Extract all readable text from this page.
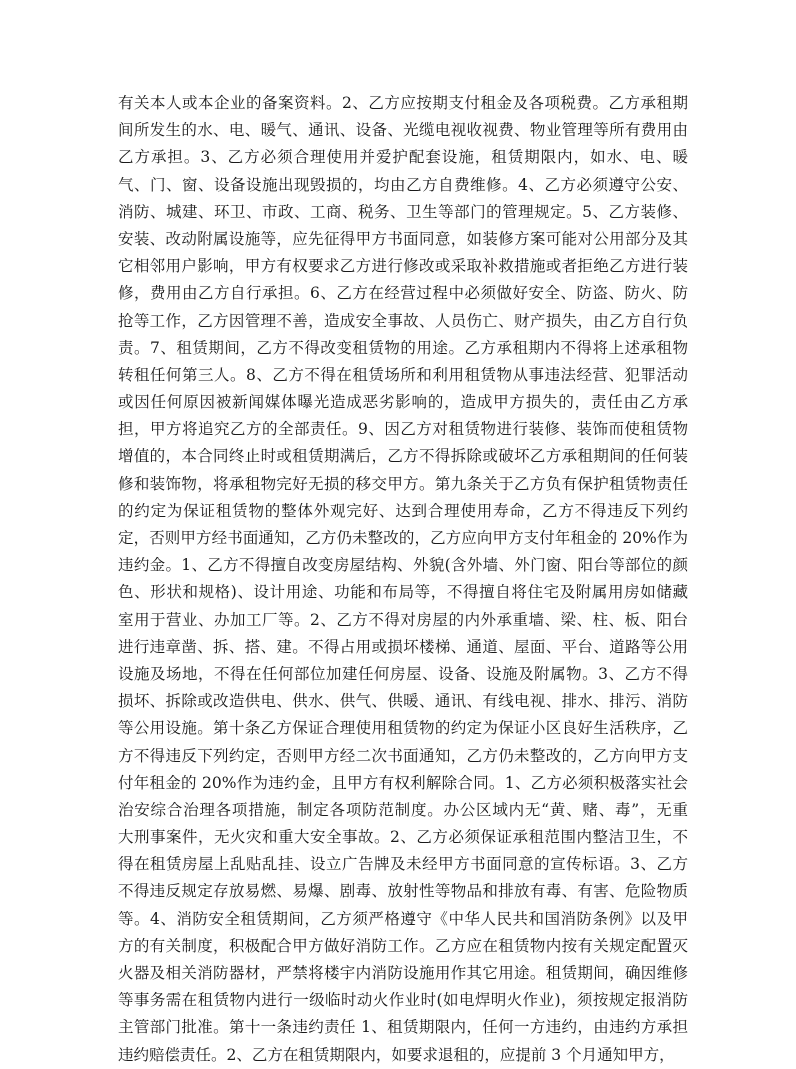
有关本人或本企业的备案资料。2、乙方应按期支付租金及各项税费。乙方承租期
间所发生的水、电、暖气、通讯、设备、光缆电视收视费、物业管理等所有费用由
乙方承担。3、乙方必须合理使用并爱护配套设施，租赁期限内，如水、电、暖
气、门、窗、设备设施出现毁损的，均由乙方自费维修。4、乙方必须遵守公安、
消防、城建、环卫、市政、工商、税务、卫生等部门的管理规定。5、乙方装修、
安装、改动附属设施等，应先征得甲方书面同意，如装修方案可能对公用部分及其
它相邻用户影响，甲方有权要求乙方进行修改或采取补救措施或者拒绝乙方进行装
修，费用由乙方自行承担。6、乙方在经营过程中必须做好安全、防盗、防火、防
抢等工作，乙方因管理不善，造成安全事故、人员伤亡、财产损失，由乙方自行负
责。7、租赁期间，乙方不得改变租赁物的用途。乙方承租期内不得将上述承租物
转租任何第三人。8、乙方不得在租赁场所和利用租赁物从事违法经营、犯罪活动
或因任何原因被新闻媒体曝光造成恶劣影响的，造成甲方损失的，责任由乙方承
担，甲方将追究乙方的全部责任。9、因乙方对租赁物进行装修、装饰而使租赁物
增值的，本合同终止时或租赁期满后，乙方不得拆除或破坏乙方承租期间的任何装
修和装饰物，将承租物完好无损的移交甲方。第九条关于乙方负有保护租赁物责任
的约定为保证租赁物的整体外观完好、达到合理使用寿命，乙方不得违反下列约
定，否则甲方经书面通知，乙方仍未整改的，乙方应向甲方支付年租金的 20%作为
违约金。1、乙方不得擅自改变房屋结构、外貌(含外墙、外门窗、阳台等部位的颜
色、形状和规格)、设计用途、功能和布局等，不得擅自将住宅及附属用房如储藏
室用于营业、办加工厂等。2、乙方不得对房屋的内外承重墙、梁、柱、板、阳台
进行违章凿、拆、搭、建。不得占用或损坏楼梯、通道、屋面、平台、道路等公用
设施及场地，不得在任何部位加建任何房屋、设备、设施及附属物。3、乙方不得
损坏、拆除或改造供电、供水、供气、供暖、通讯、有线电视、排水、排污、消防
等公用设施。第十条乙方保证合理使用租赁物的约定为保证小区良好生活秩序，乙
方不得违反下列约定，否则甲方经二次书面通知，乙方仍未整改的，乙方向甲方支
付年租金的 20%作为违约金，且甲方有权利解除合同。1、乙方必须积极落实社会
治安综合治理各项措施，制定各项防范制度。办公区域内无“黄、赌、毒”，无重
大刑事案件，无火灾和重大安全事故。2、乙方必须保证承租范围内整洁卫生，不
得在租赁房屋上乱贴乱挂、设立广告牌及未经甲方书面同意的宣传标语。3、乙方
不得违反规定存放易燃、易爆、剧毒、放射性等物品和排放有毒、有害、危险物质
等。4、消防安全租赁期间，乙方须严格遵守《中华人民共和国消防条例》以及甲
方的有关制度，积极配合甲方做好消防工作。乙方应在租赁物内按有关规定配置灭
火器及相关消防器材，严禁将楼宇内消防设施用作其它用途。租赁期间，确因维修
等事务需在租赁物内进行一级临时动火作业时(如电焊明火作业)，须按规定报消防
主管部门批准。第十一条违约责任 1、租赁期限内，任何一方违约，由违约方承担
违约赔偿责任。2、乙方在租赁期限内，如要求退租的，应提前 3 个月通知甲方，
